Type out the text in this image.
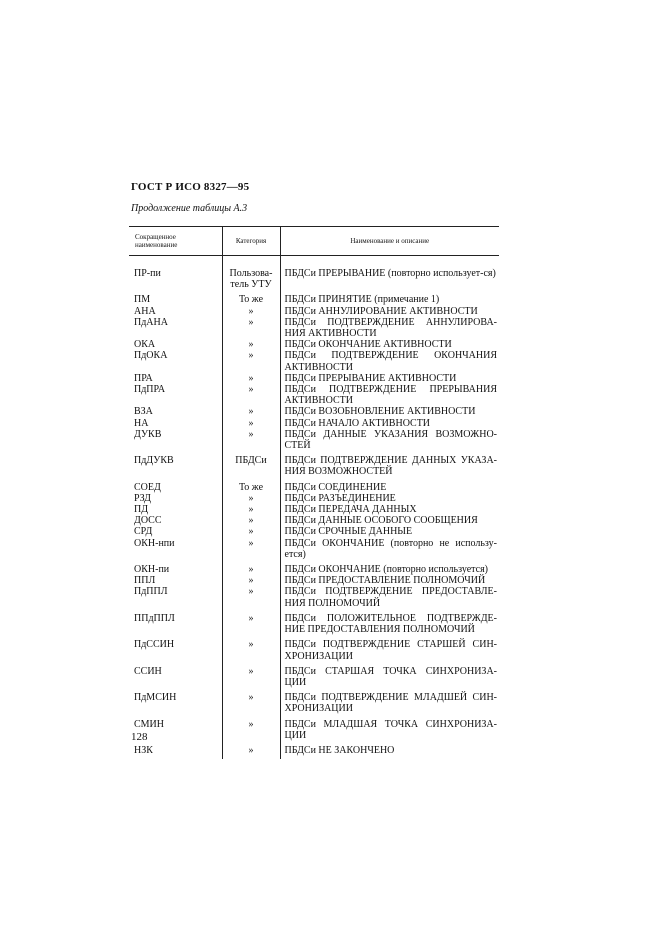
ГОСТ Р ИСО 8327—95
Продолжение таблицы А.3
Сокращенное наименование	Категория	Наименование и описание

ПР-пи	Пользова-тель УТУ	ПБДСи ПРЕРЫВАНИЕ (повторно использует-ся)
ПМ	То же	ПБДСи ПРИНЯТИЕ (примечание 1)
АНА	»	ПБДСи АННУЛИРОВАНИЕ АКТИВНОСТИ
ПдАНА	»	ПБДСи ПОДТВЕРЖДЕНИЕ АННУЛИРОВА-НИЯ АКТИВНОСТИ
ОКА	»	ПБДСи ОКОНЧАНИЕ АКТИВНОСТИ
ПдОКА	»	ПБДСи ПОДТВЕРЖДЕНИЕ ОКОНЧАНИЯ АКТИВНОСТИ
ПРА	»	ПБДСи ПРЕРЫВАНИЕ АКТИВНОСТИ
ПдПРА	»	ПБДСи ПОДТВЕРЖДЕНИЕ ПРЕРЫВАНИЯ АКТИВНОСТИ
ВЗА	»	ПБДСи ВОЗОБНОВЛЕНИЕ АКТИВНОСТИ
НА	»	ПБДСи НАЧАЛО АКТИВНОСТИ
ДУКВ	»	ПБДСи ДАННЫЕ УКАЗАНИЯ ВОЗМОЖНО-СТЕЙ
ПдДУКВ	ПБДСи	ПБДСи ПОДТВЕРЖДЕНИЕ ДАННЫХ УКАЗА-НИЯ ВОЗМОЖНОСТЕЙ
СОЕД	То же	ПБДСи СОЕДИНЕНИЕ
РЗД	»	ПБДСи РАЗЪЕДИНЕНИЕ
ПД	»	ПБДСи ПЕРЕДАЧА ДАННЫХ
ДОСС	»	ПБДСи ДАННЫЕ ОСОБОГО СООБЩЕНИЯ
СРД	»	ПБДСи СРОЧНЫЕ ДАННЫЕ
ОКН-нпи	»	ПБДСи ОКОНЧАНИЕ (повторно не использу-ется)
ОКН-пи	»	ПБДСи ОКОНЧАНИЕ (повторно используется)
ППЛ	»	ПБДСи ПРЕДОСТАВЛЕНИЕ ПОЛНОМОЧИЙ
ПдППЛ	»	ПБДСи ПОДТВЕРЖДЕНИЕ ПРЕДОСТАВЛЕ-НИЯ ПОЛНОМОЧИЙ
ППдППЛ	»	ПБДСи ПОЛОЖИТЕЛЬНОЕ ПОДТВЕРЖДЕ-НИЕ ПРЕДОСТАВЛЕНИЯ ПОЛНОМОЧИЙ
ПдССИН	»	ПБДСи ПОДТВЕРЖДЕНИЕ СТАРШЕЙ СИН-ХРОНИЗАЦИИ
ССИН	»	ПБДСи СТАРШАЯ ТОЧКА СИНХРОНИЗА-ЦИИ
ПдМСИН	»	ПБДСи ПОДТВЕРЖДЕНИЕ МЛАДШЕЙ СИН-ХРОНИЗАЦИИ
СМИН	»	ПБДСи МЛАДШАЯ ТОЧКА СИНХРОНИЗА-ЦИИ
НЗК	»	ПБДСи НЕ ЗАКОНЧЕНО
128
